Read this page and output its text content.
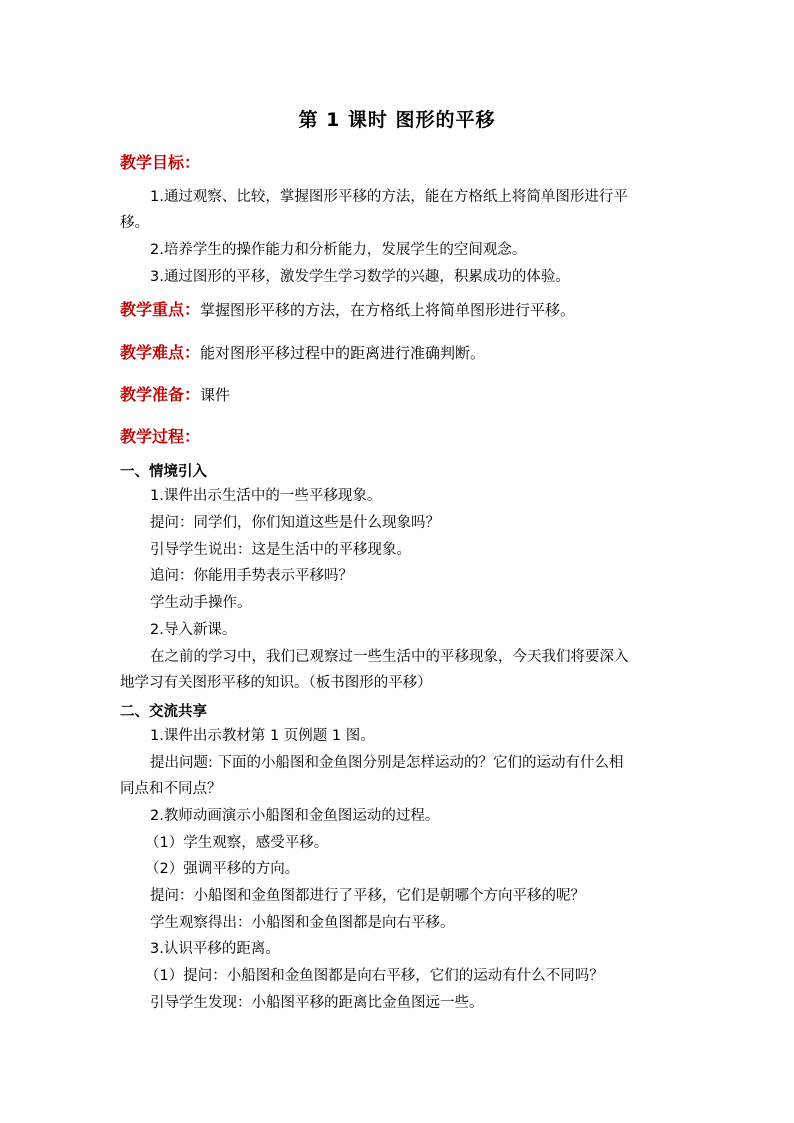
第 1 课时 图形的平移
教学目标：
1.通过观察、比较，掌握图形平移的方法，能在方格纸上将简单图形进行平
移。
2.培养学生的操作能力和分析能力，发展学生的空间观念。
3.通过图形的平移，激发学生学习数学的兴趣，积累成功的体验。
教学重点：掌握图形平移的方法，在方格纸上将简单图形进行平移。
教学难点：能对图形平移过程中的距离进行准确判断。
教学准备：课件
教学过程：
一、情境引入
1.课件出示生活中的一些平移现象。
提问：同学们，你们知道这些是什么现象吗？
引导学生说出：这是生活中的平移现象。
追问：你能用手势表示平移吗？
学生动手操作。
2.导入新课。
在之前的学习中，我们已观察过一些生活中的平移现象，今天我们将要深入
地学习有关图形平移的知识。（板书图形的平移）
二、交流共享
1.课件出示教材第 1 页例题 1 图。
提出问题: 下面的小船图和金鱼图分别是怎样运动的？它们的运动有什么相
同点和不同点？
2.教师动画演示小船图和金鱼图运动的过程。
（1）学生观察，感受平移。
（2）强调平移的方向。
提问：小船图和金鱼图都进行了平移，它们是朝哪个方向平移的呢？
学生观察得出：小船图和金鱼图都是向右平移。
3.认识平移的距离。
（1）提问：小船图和金鱼图都是向右平移，它们的运动有什么不同吗？
引导学生发现：小船图平移的距离比金鱼图远一些。
